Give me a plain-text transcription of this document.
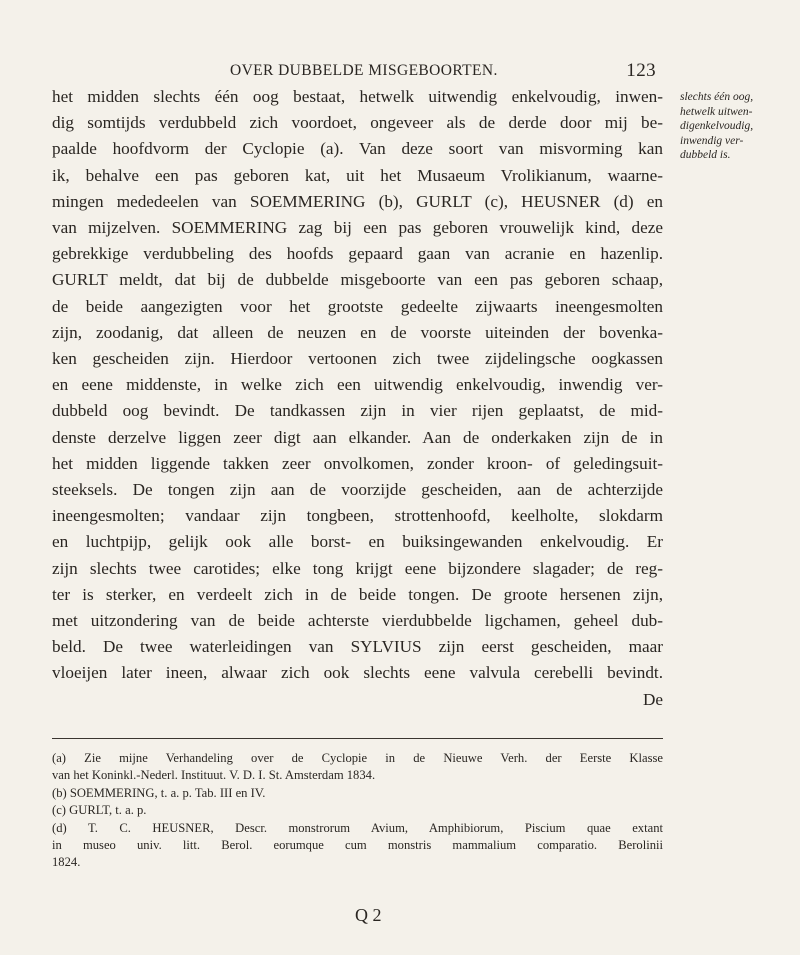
OVER DUBBELDE MISGEBOORTEN.	123
slechts één oog,
hetwelk uitwen-
digenkelvoudig,
inwendig ver-
dubbeld is.
het midden slechts één oog bestaat, hetwelk uitwendig enkelvoudig, inwen-
dig somtijds verdubbeld zich voordoet, ongeveer als de derde door mij be-
paalde hoofdvorm der Cyclopie (a). Van deze soort van misvorming kan
ik, behalve een pas geboren kat, uit het Musaeum Vrolikianum, waarne-
mingen mededeelen van SOEMMERING (b), GURLT (c), HEUSNER (d) en
van mijzelven. SOEMMERING zag bij een pas geboren vrouwelijk kind, deze
gebrekkige verdubbeling des hoofds gepaard gaan van acranie en hazenlip.
GURLT meldt, dat bij de dubbelde misgeboorte van een pas geboren schaap,
de beide aangezigten voor het grootste gedeelte zijwaarts ineengesmolten
zijn, zoodanig, dat alleen de neuzen en de voorste uiteinden der bovenka-
ken gescheiden zijn. Hierdoor vertoonen zich twee zijdelingsche oogkassen
en eene middenste, in welke zich een uitwendig enkelvoudig, inwendig ver-
dubbeld oog bevindt. De tandkassen zijn in vier rijen geplaatst, de mid-
denste derzelve liggen zeer digt aan elkander. Aan de onderkaken zijn de in
het midden liggende takken zeer onvolkomen, zonder kroon- of geledingsuit-
steeksels. De tongen zijn aan de voorzijde gescheiden, aan de achterzijde
ineengesmolten; vandaar zijn tongbeen, strottenhoofd, keelholte, slokdarm
en luchtpijp, gelijk ook alle borst- en buiksingewanden enkelvoudig. Er
zijn slechts twee carotides; elke tong krijgt eene bijzondere slagader; de reg-
ter is sterker, en verdeelt zich in de beide tongen. De groote hersenen zijn,
met uitzondering van de beide achterste vierdubbelde ligchamen, geheel dub-
beld. De twee waterleidingen van SYLVIUS zijn eerst gescheiden, maar
vloeijen later ineen, alwaar zich ook slechts eene valvula cerebelli bevindt.
De
(a) Zie mijne Verhandeling over de Cyclopie in de Nieuwe Verh. der Eerste Klasse
van het Koninkl.-Nederl. Instituut. V. D. I. St. Amsterdam 1834.
(b) SOEMMERING, t. a. p. Tab. III en IV.
(c) GURLT, t. a. p.
(d) T. C. HEUSNER, Descr. monstrorum Avium, Amphibiorum, Piscium quae extant
in museo univ. litt. Berol. eorumque cum monstris mammalium comparatio. Berolinii
1824.
Q 2
